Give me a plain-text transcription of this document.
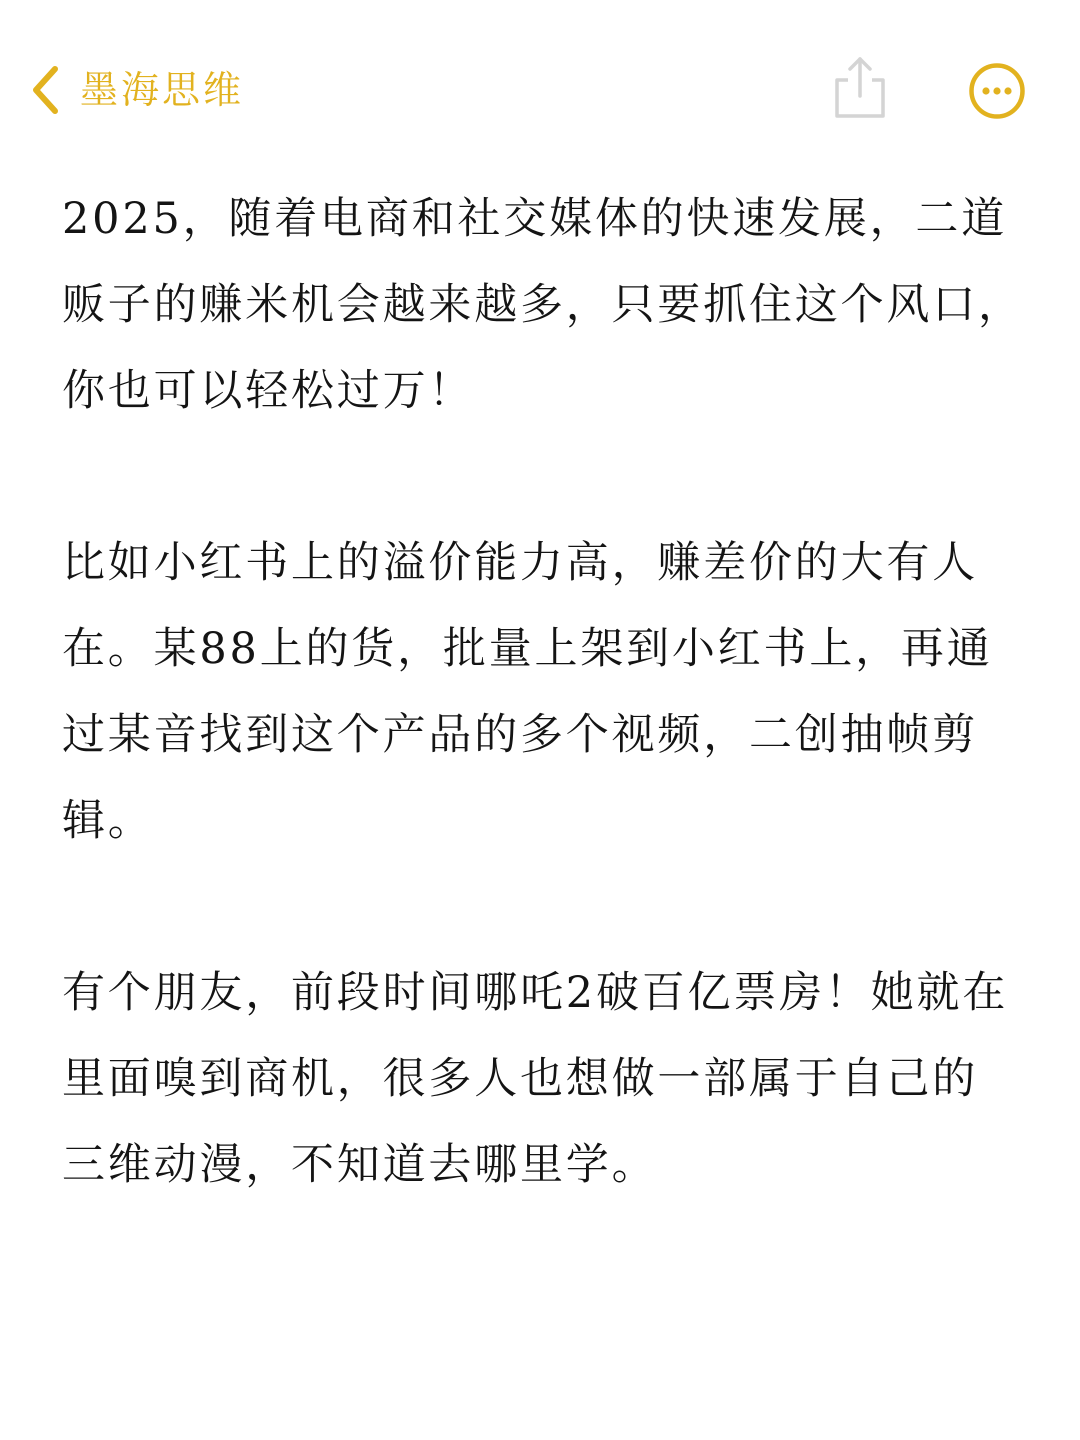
墨海思维

2025，随着电商和社交媒体的快速发展，二道
贩子的赚米机会越来越多，只要抓住这个风口，
你也可以轻松过万！

比如小红书上的溢价能力高，赚差价的大有人
在。某88上的货，批量上架到小红书上，再通
过某音找到这个产品的多个视频，二创抽帧剪
辑。

有个朋友，前段时间哪吒2破百亿票房！她就在
里面嗅到商机，很多人也想做一部属于自己的
三维动漫，不知道去哪里学。
